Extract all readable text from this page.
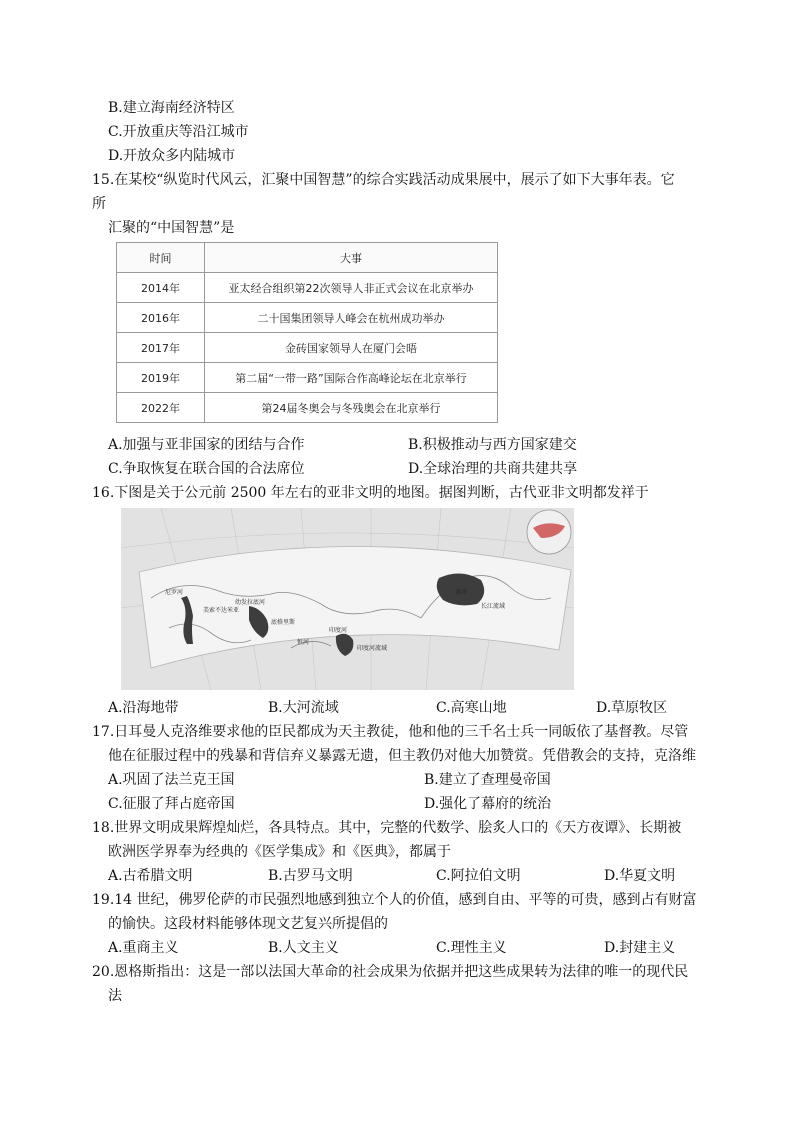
B.建立海南经济特区
C.开放重庆等沿江城市
D.开放众多内陆城市
15.在某校“纵览时代风云，汇聚中国智慧”的综合实践活动成果展中，展示了如下大事年表。它
所
汇聚的“中国智慧”是
时间	大事
2014年	亚太经合组织第22次领导人非正式会议在北京举办
2016年	二十国集团领导人峰会在杭州成功举办
2017年	金砖国家领导人在厦门会晤
2019年	第二届“一带一路”国际合作高峰论坛在北京举行
2022年	第24届冬奥会与冬残奥会在北京举行
A.加强与亚非国家的团结与合作	B.积极推动与西方国家建交
C.争取恢复在联合国的合法席位	D.全球治理的共商共建共享
16.下图是关于公元前 2500 年左右的亚非文明的地图。据图判断，古代亚非文明都发祥于
尼罗河
美索不达米亚
幼发拉底河
底格里斯
印度河
印度河流域
恒河
黄河
长江流域
A.沿海地带	B.大河流域	C.高寒山地	D.草原牧区
17.日耳曼人克洛维要求他的臣民都成为天主教徒，他和他的三千名士兵一同皈依了基督教。尽管
他在征服过程中的残暴和背信弃义暴露无遗，但主教仍对他大加赞赏。凭借教会的支持，克洛维
A.巩固了法兰克王国	B.建立了查理曼帝国
C.征服了拜占庭帝国	D.强化了幕府的统治
18.世界文明成果辉煌灿烂，各具特点。其中，完整的代数学、脍炙人口的《天方夜谭》、长期被
欧洲医学界奉为经典的《医学集成》和《医典》，都属于
A.古希腊文明	B.古罗马文明	C.阿拉伯文明	D.华夏文明
19.14 世纪，佛罗伦萨的市民强烈地感到独立个人的价值，感到自由、平等的可贵，感到占有财富
的愉快。这段材料能够体现文艺复兴所提倡的
A.重商主义	B.人文主义	C.理性主义	D.封建主义
20.恩格斯指出：这是一部以法国大革命的社会成果为依据并把这些成果转为法律的唯一的现代民
法
